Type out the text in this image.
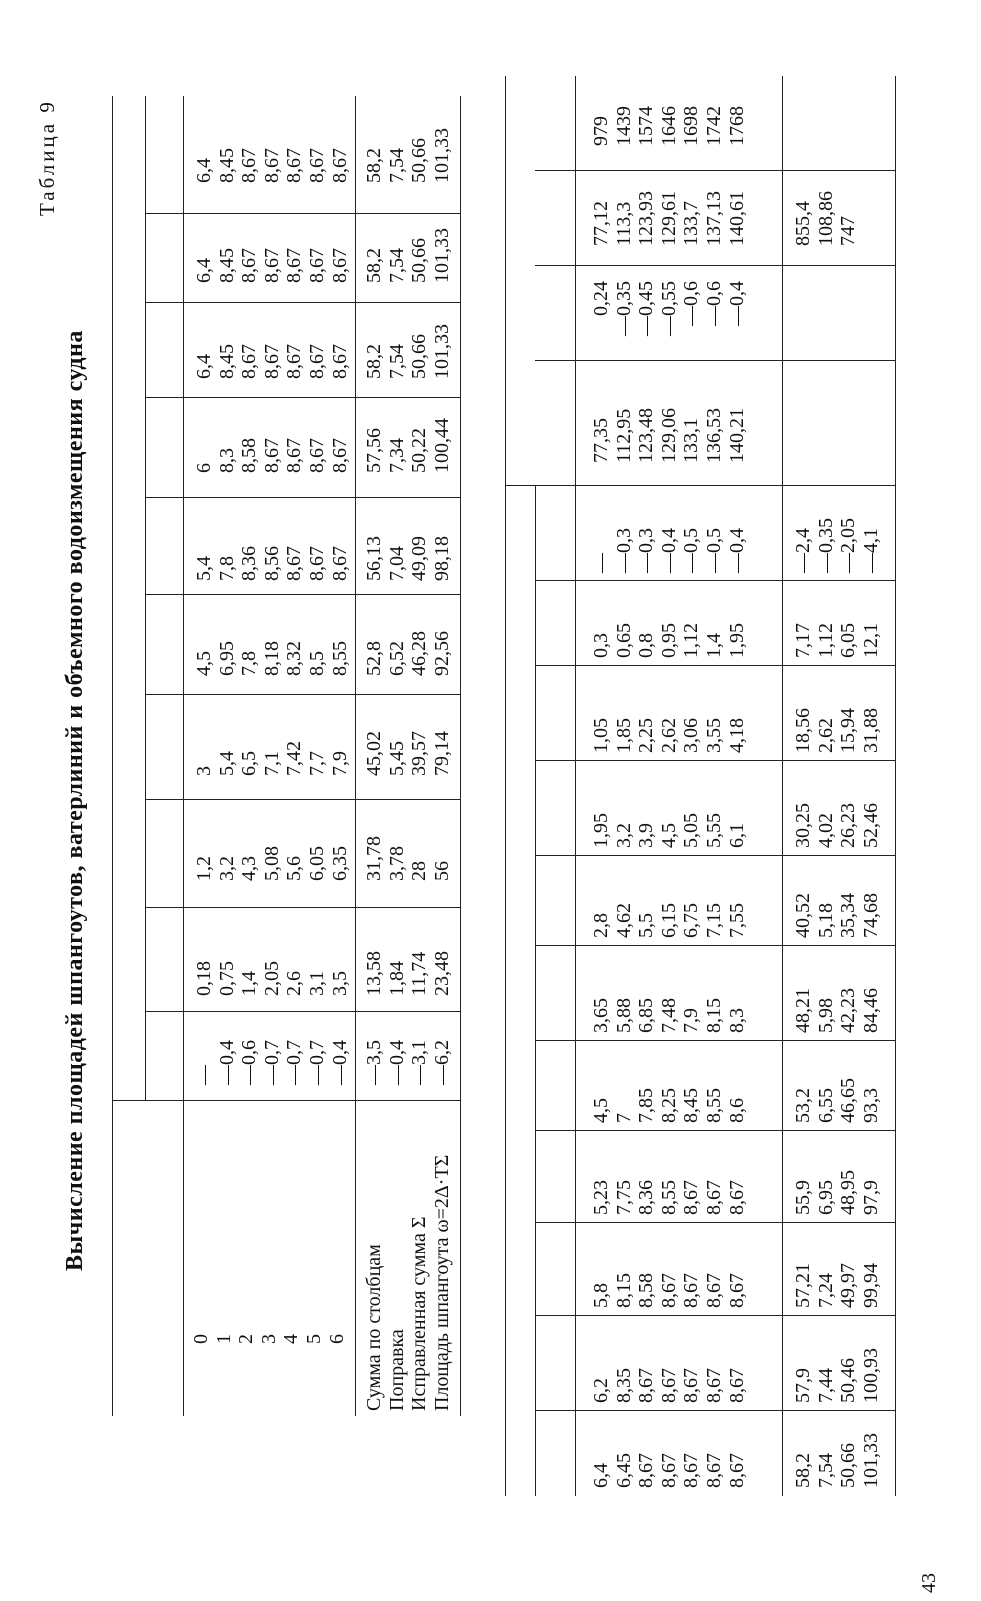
Таблица 9
Вычисление площадей шпангоутов, ватерлиний и объемного водоизмещения судна
0 1 2 3 4 5 6
— —0,4 —0,6 —0,7 —0,7 —0,7 —0,4
0,18 0,75 1,4 2,05 2,6 3,1 3,5
1,2 3,2 4,3 5,08 5,6 6,05 6,35
3 5,4 6,5 7,1 7,42 7,7 7,9
4,5 6,95 7,8 8,18 8,32 8,5 8,55
5,4 7,8 8,36 8,56 8,67 8,67 8,67
6 8,3 8,58 8,67 8,67 8,67 8,67
6,4 8,45 8,67 8,67 8,67 8,67 8,67
6,4 8,45 8,67 8,67 8,67 8,67 8,67
6,4 8,45 8,67 8,67 8,67 8,67 8,67
Сумма по столбцам Поправка Исправленная сумма Σ Площадь шпангоута ω=2Δ·TΣ
—3,5 —0,4 —3,1 —6,2
13,58 1,84 11,74 23,48
31,78 3,78 28 56
45,02 5,45 39,57 79,14
52,8 6,52 46,28 92,56
56,13 7,04 49,09 98,18
57,56 7,34 50,22 100,44
58,2 7,54 50,66 101,33
58,2 7,54 50,66 101,33
58,2 7,54 50,66 101,33
6,4 6,45 8,67 8,67 8,67 8,67 8,67
6,2 8,35 8,67 8,67 8,67 8,67 8,67
5,8 8,15 8,58 8,67 8,67 8,67 8,67
5,23 7,75 8,36 8,55 8,67 8,67 8,67
4,5 7 7,85 8,25 8,45 8,55 8,6
3,65 5,88 6,85 7,48 7,9 8,15 8,3
2,8 4,62 5,5 6,15 6,75 7,15 7,55
1,95 3,2 3,9 4,5 5,05 5,55 6,1
1,05 1,85 2,25 2,62 3,06 3,55 4,18
0,3 0,65 0,8 0,95 1,12 1,4 1,95
— —0,3 —0,3 —0,4 —0,5 —0,5 —0,4
77,35 112,95 123,48 129,06 133,1 136,53 140,21
0,24 —0,35 —0,45 —0,55 —0,6 —0,6 —0,4
77,12 113,3 123,93 129,61 133,7 137,13 140,61
979 1439 1574 1646 1698 1742 1768
58,2 7,54 50,66 101,33
57,9 7,44 50,46 100,93
57,21 7,24 49,97 99,94
55,9 6,95 48,95 97,9
53,2 6,55 46,65 93,3
48,21 5,98 42,23 84,46
40,52 5,18 35,34 74,68
30,25 4,02 26,23 52,46
18,56 2,62 15,94 31,88
7,17 1,12 6,05 12,1
—2,4 —0,35 —2,05 —4,1
855,4 108,86 747
43
